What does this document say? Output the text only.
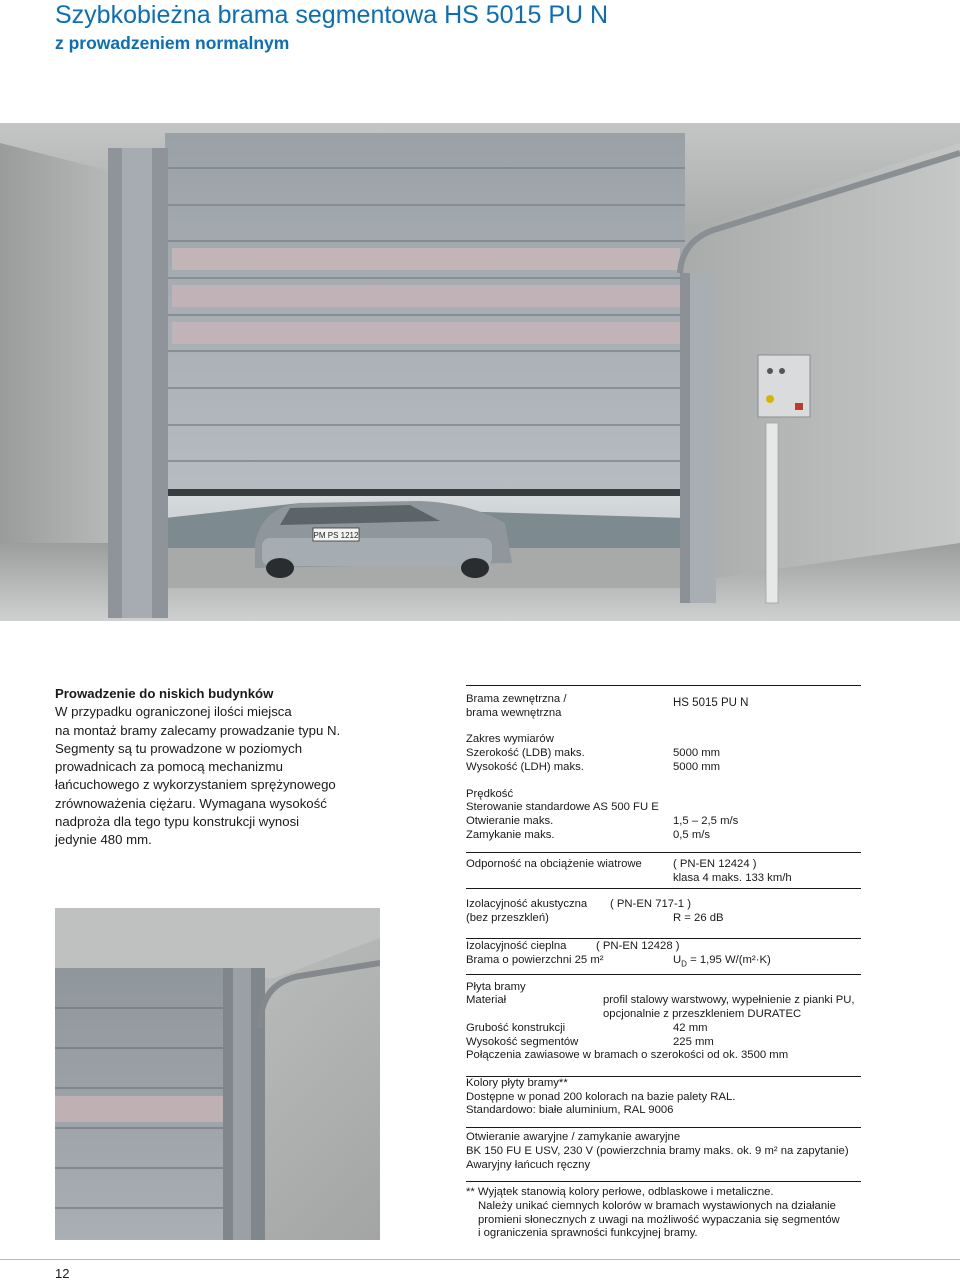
Szybkobieżna brama segmentowa HS 5015 PU N
z prowadzeniem normalnym
PM PS 1212
Prowadzenie do niskich budynków
W przypadku ograniczonej ilości miejsca
na montaż bramy zalecamy prowadzanie typu N.
Segmenty są tu prowadzone w poziomych
prowadnicach za pomocą mechanizmu
łańcuchowego z wykorzystaniem sprężynowego
zrównoważenia ciężaru. Wymagana wysokość
nadproża dla tego typu konstrukcji wynosi
jedynie 480 mm.
Brama zewnętrzna /
brama wewnętrzna
HS 5015 PU N
Zakres wymiarów
Szerokość (LDB) maks.	5000 mm
Wysokość (LDH) maks.	5000 mm
Prędkość
Sterowanie standardowe AS 500 FU E
Otwieranie maks.	1,5 – 2,5 m/s
Zamykanie maks.	0,5 m/s
Odporność na obciążenie wiatrowe	( PN-EN 12424 )
klasa 4 maks. 133 km/h
Izolacyjność akustyczna ( PN-EN 717-1 )
(bez przeszkleń)	R = 26 dB
Izolacyjność cieplna	( PN-EN 12428 )
Brama o powierzchni 25 m²	$U_D = 1,95$ W/(m²·K)
Płyta bramy
Materiał	profil stalowy warstwowy, wypełnienie z pianki PU,
opcjonalnie z przeszkleniem DURATEC
Grubość konstrukcji	42 mm
Wysokość segmentów	225 mm
Połączenia zawiasowe w bramach o szerokości od ok. 3500 mm
Kolory płyty bramy**
Dostępne w ponad 200 kolorach na bazie palety RAL.
Standardowo: białe aluminium, RAL 9006
Otwieranie awaryjne / zamykanie awaryjne
BK 150 FU E USV, 230 V (powierzchnia bramy maks. ok. 9 m² na zapytanie)
Awaryjny łańcuch ręczny
** Wyjątek stanowią kolory perłowe, odblaskowe i metaliczne.
Należy unikać ciemnych kolorów w bramach wystawionych na działanie
promieni słonecznych z uwagi na możliwość wypaczania się segmentów
i ograniczenia sprawności funkcyjnej bramy.
12
